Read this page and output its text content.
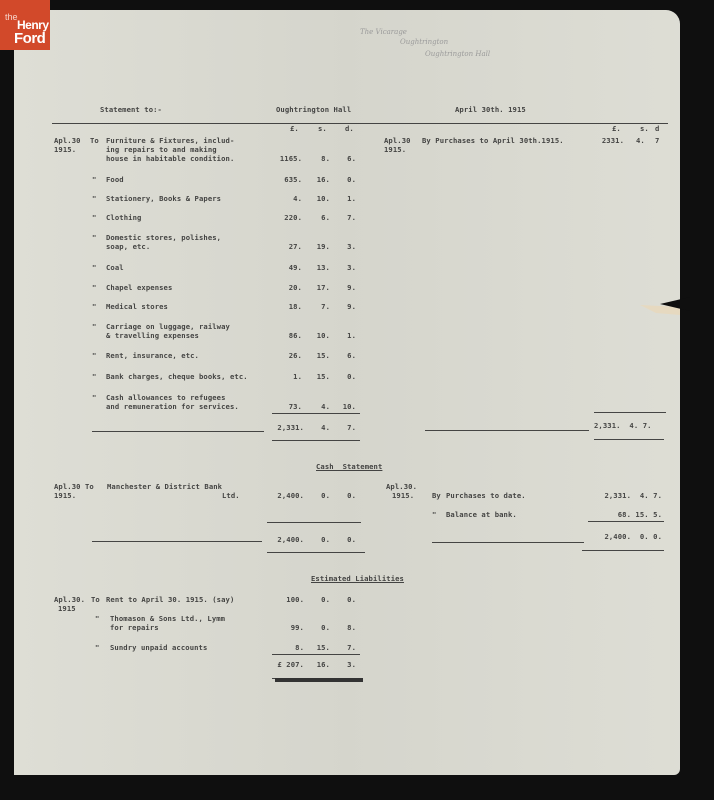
the
Henry
Ford	The Vicarage
Oughtrington
Oughtrington Hall
Statement to:-	Oughtrington Hall	April 30th. 1915
£.	s.	d.	£.	s. d
Apl.30
1915.
To Furniture & Fixtures, includ-
ing repairs to and making
house in habitable condition.	1165.	8.	6.
" Food	635.	16.	0.
" Stationery, Books & Papers	4.	10.	1.
" Clothing	220.	6.	7.
" Domestic stores, polishes,
soap, etc.	27.	19.	3.
" Coal	49.	13.	3.
" Chapel expenses	20.	17.	9.
" Medical stores	18.	7.	9.
" Carriage on luggage, railway
& travelling expenses	86.	10.	1.
" Rent, insurance, etc.	26.	15.	6.
" Bank charges, cheque books, etc.	1.	15.	0.
" Cash allowances to refugees
and remuneration for services.	73.	4.	10.
2,331.	4.	7.
Apl.30
1915.
By Purchases to April 30th.1915.	2331. 4. 7
2,331.  4. 7.
Cash  Statement
Apl.30 To
1915.
Manchester & District Bank
Ltd.	2,400.	0.	0.
2,400.	0.	0.
Apl.30.
1915. By Purchases to date.	2,331.  4. 7.
" Balance at bank.	68. 15. 5.
2,400.  0. 0.
Estimated Liabilities
Apl.30.
1915
To Rent to April 30. 1915. (say)	100.	0.	0.
" Thomason & Sons Ltd., Lymm
for repairs	99.	0.	8.
" Sundry unpaid accounts	8.	15.	7.
£ 207.	16.	3.
